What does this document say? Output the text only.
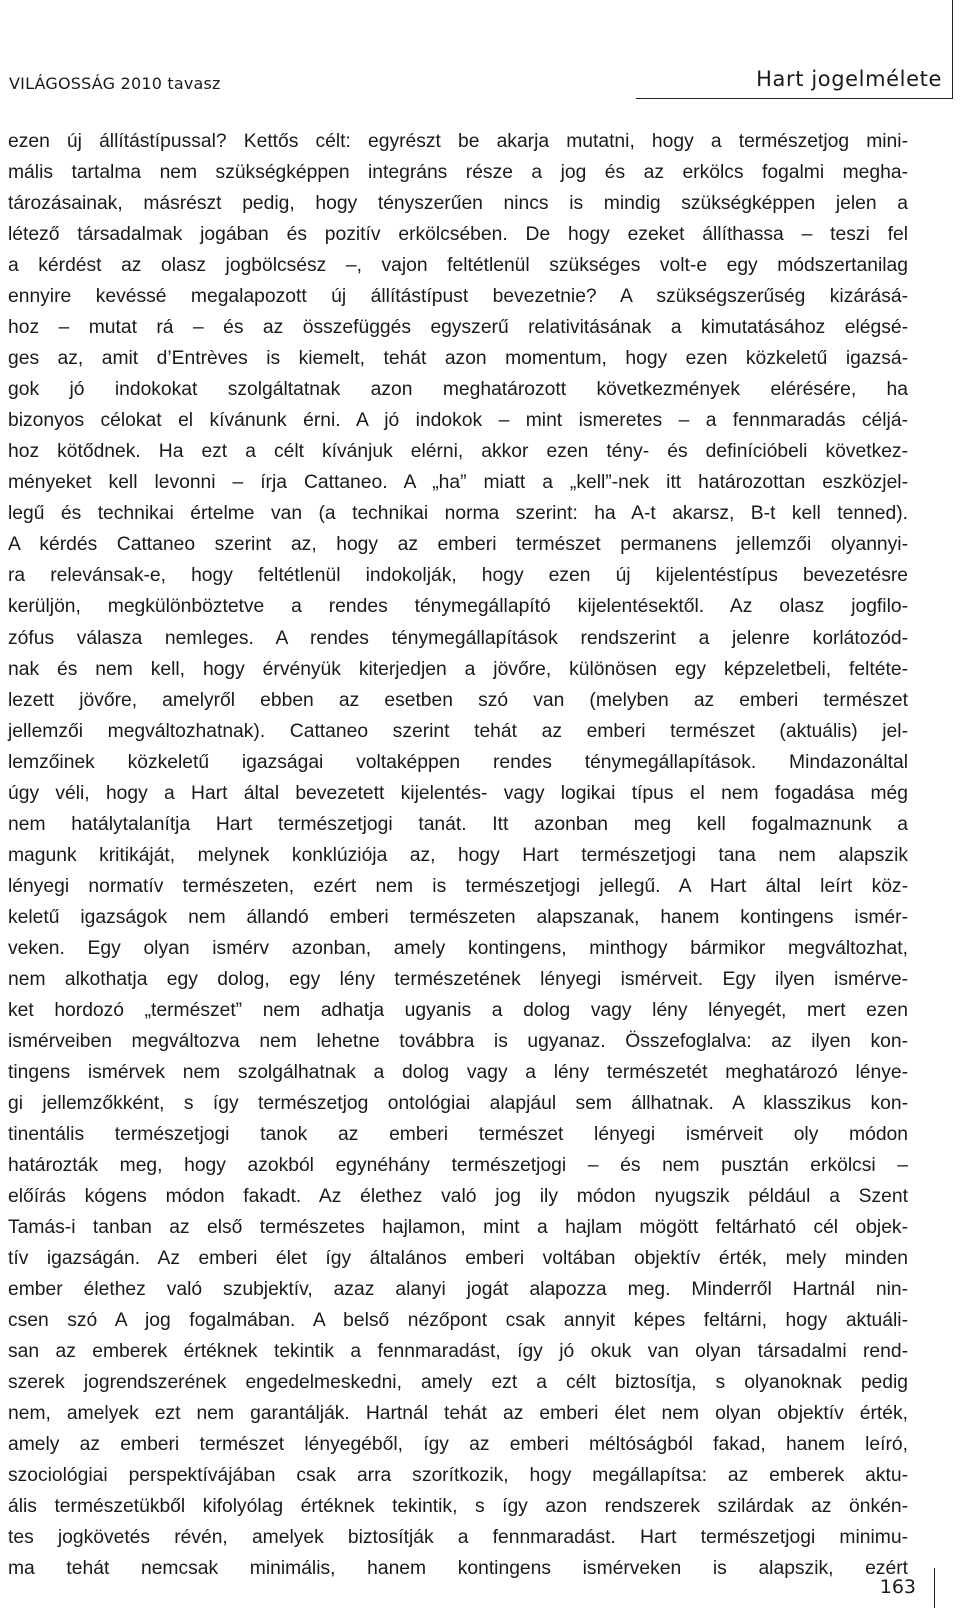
VILÁGOSSÁG 2010 tavasz	Hart jogelmélete
ezen új állítástípussal? Kettős célt: egyrészt be akarja mutatni, hogy a természetjog mini-
mális tartalma nem szükségképpen integráns része a jog és az erkölcs fogalmi megha-
tározásainak, másrészt pedig, hogy tényszerűen nincs is mindig szükségképpen jelen a
létező társadalmak jogában és pozitív erkölcsében. De hogy ezeket állíthassa – teszi fel
a kérdést az olasz jogbölcsész –, vajon feltétlenül szükséges volt-e egy módszertanilag
ennyire kevéssé megalapozott új állítástípust bevezetnie? A szükségszerűség kizárásá-
hoz – mutat rá – és az összefüggés egyszerű relativitásának a kimutatásához elégsé-
ges az, amit d’Entrèves is kiemelt, tehát azon momentum, hogy ezen közkeletű igazsá-
gok jó indokokat szolgáltatnak azon meghatározott következmények elérésére, ha
bizonyos célokat el kívánunk érni. A jó indokok – mint ismeretes – a fennmaradás céljá-
hoz kötődnek. Ha ezt a célt kívánjuk elérni, akkor ezen tény- és definícióbeli következ-
ményeket kell levonni – írja Cattaneo. A „ha” miatt a „kell”-nek itt határozottan eszközjel-
legű és technikai értelme van (a technikai norma szerint: ha A-t akarsz, B-t kell tenned).
A kérdés Cattaneo szerint az, hogy az emberi természet permanens jellemzői olyannyi-
ra relevánsak-e, hogy feltétlenül indokolják, hogy ezen új kijelentéstípus bevezetésre
kerüljön, megkülönböztetve a rendes ténymegállapító kijelentésektől. Az olasz jogfilo-
zófus válasza nemleges. A rendes ténymegállapítások rendszerint a jelenre korlátozód-
nak és nem kell, hogy érvényük kiterjedjen a jövőre, különösen egy képzeletbeli, feltéte-
lezett jövőre, amelyről ebben az esetben szó van (melyben az emberi természet
jellemzői megváltozhatnak). Cattaneo szerint tehát az emberi természet (aktuális) jel-
lemzőinek közkeletű igazságai voltaképpen rendes ténymegállapítások. Mindazonáltal
úgy véli, hogy a Hart által bevezetett kijelentés- vagy logikai típus el nem fogadása még
nem hatálytalanítja Hart természetjogi tanát. Itt azonban meg kell fogalmaznunk a
magunk kritikáját, melynek konklúziója az, hogy Hart természetjogi tana nem alapszik
lényegi normatív természeten, ezért nem is természetjogi jellegű. A Hart által leírt köz-
keletű igazságok nem állandó emberi természeten alapszanak, hanem kontingens ismér-
veken. Egy olyan ismérv azonban, amely kontingens, minthogy bármikor megváltozhat,
nem alkothatja egy dolog, egy lény természetének lényegi ismérveit. Egy ilyen ismérve-
ket hordozó „természet” nem adhatja ugyanis a dolog vagy lény lényegét, mert ezen
ismérveiben megváltozva nem lehetne továbbra is ugyanaz. Összefoglalva: az ilyen kon-
tingens ismérvek nem szolgálhatnak a dolog vagy a lény természetét meghatározó lénye-
gi jellemzőkként, s így természetjog ontológiai alapjául sem állhatnak. A klasszikus kon-
tinentális természetjogi tanok az emberi természet lényegi ismérveit oly módon
határozták meg, hogy azokból egynéhány természetjogi – és nem pusztán erkölcsi –
előírás kógens módon fakadt. Az élethez való jog ily módon nyugszik például a Szent
Tamás-i tanban az első természetes hajlamon, mint a hajlam mögött feltárható cél objek-
tív igazságán. Az emberi élet így általános emberi voltában objektív érték, mely minden
ember élethez való szubjektív, azaz alanyi jogát alapozza meg. Minderről Hartnál nin-
csen szó A jog fogalmában. A belső nézőpont csak annyit képes feltárni, hogy aktuáli-
san az emberek értéknek tekintik a fennmaradást, így jó okuk van olyan társadalmi rend-
szerek jogrendszerének engedelmeskedni, amely ezt a célt biztosítja, s olyanoknak pedig
nem, amelyek ezt nem garantálják. Hartnál tehát az emberi élet nem olyan objektív érték,
amely az emberi természet lényegéből, így az emberi méltóságból fakad, hanem leíró,
szociológiai perspektívájában csak arra szorítkozik, hogy megállapítsa: az emberek aktu-
ális természetükből kifolyólag értéknek tekintik, s így azon rendszerek szilárdak az önkén-
tes jogkövetés révén, amelyek biztosítják a fennmaradást. Hart természetjogi minimu-
ma tehát nemcsak minimális, hanem kontingens ismérveken is alapszik, ezért
163
